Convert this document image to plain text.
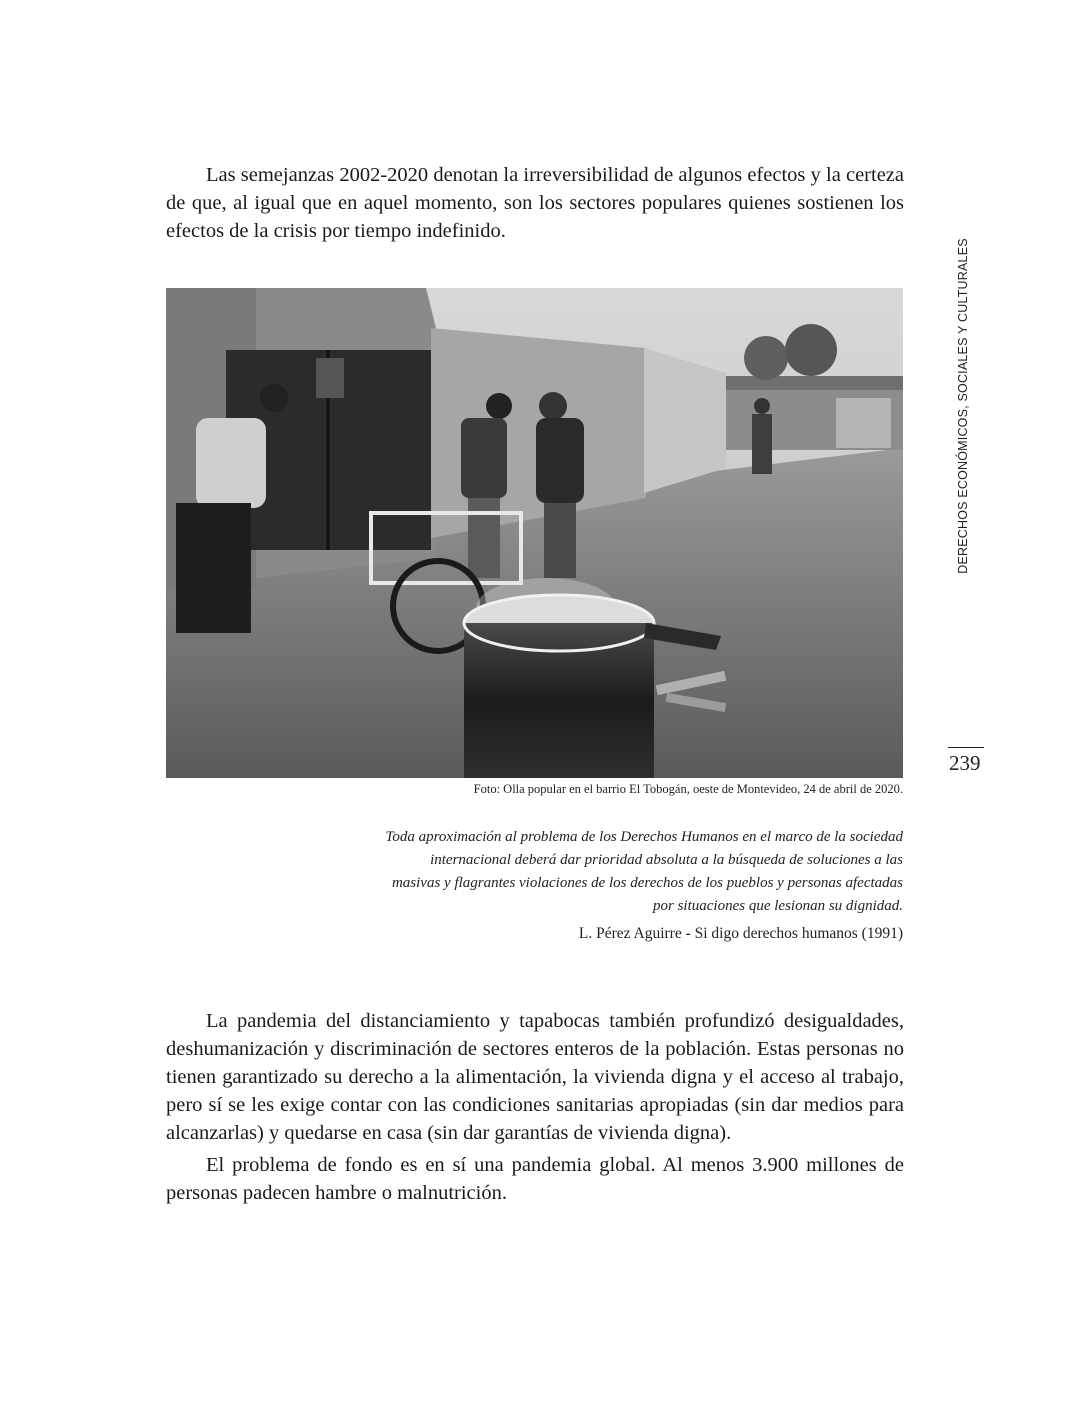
Las semejanzas 2002-2020 denotan la irreversibilidad de algunos efectos y la certeza de que, al igual que en aquel momento, son los sectores populares quienes sostienen los efectos de la crisis por tiempo indefinido.

DERECHOS ECONÓMICOS, SOCIALES Y CULTURALES
239
Foto: Olla popular en el barrio El Tobogán, oeste de Montevideo, 24 de abril de 2020.

Toda aproximación al problema de los Derechos Humanos en el marco de la sociedad internacional deberá dar prioridad absoluta a la búsqueda de soluciones a las masivas y flagrantes violaciones de los derechos de los pueblos y personas afectadas por situaciones que lesionan su dignidad.

L. Pérez Aguirre - Si digo derechos humanos (1991)

La pandemia del distanciamiento y tapabocas también profundizó desigualdades, deshumanización y discriminación de sectores enteros de la población. Estas personas no tienen garantizado su derecho a la alimentación, la vivienda digna y el acceso al trabajo, pero sí se les exige contar con las condiciones sanitarias apropiadas (sin dar medios para alcanzarlas) y quedarse en casa (sin dar garantías de vivienda digna).

El problema de fondo es en sí una pandemia global. Al menos 3.900 millones de personas padecen hambre o malnutrición.
